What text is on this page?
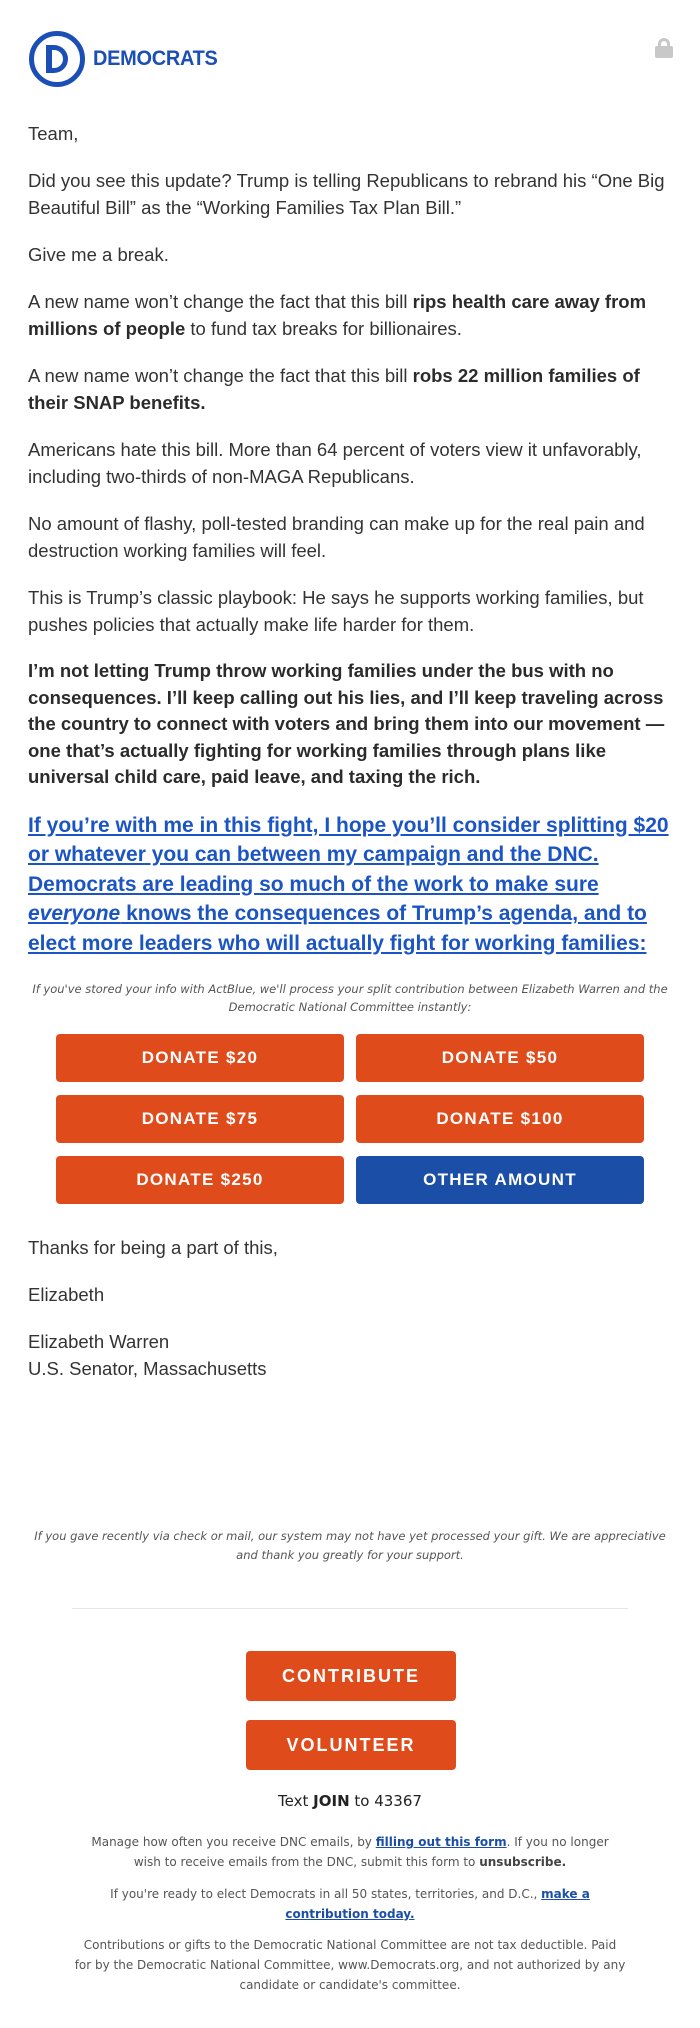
DEMOCRATS

Team,

Did you see this update? Trump is telling Republicans to rebrand his “One Big Beautiful Bill” as the “Working Families Tax Plan Bill.”

Give me a break.

A new name won’t change the fact that this bill rips health care away from millions of people to fund tax breaks for billionaires.

A new name won’t change the fact that this bill robs 22 million families of their SNAP benefits.

Americans hate this bill. More than 64 percent of voters view it unfavorably, including two-thirds of non-MAGA Republicans.

No amount of flashy, poll-tested branding can make up for the real pain and destruction working families will feel.

This is Trump’s classic playbook: He says he supports working families, but pushes policies that actually make life harder for them.

I’m not letting Trump throw working families under the bus with no consequences. I’ll keep calling out his lies, and I’ll keep traveling across the country to connect with voters and bring them into our movement — one that’s actually fighting for working families through plans like universal child care, paid leave, and taxing the rich.

If you’re with me in this fight, I hope you’ll consider splitting $20 or whatever you can between my campaign and the DNC. Democrats are leading so much of the work to make sure everyone knows the consequences of Trump’s agenda, and to elect more leaders who will actually fight for working families:

If you've stored your info with ActBlue, we'll process your split contribution between Elizabeth Warren and the Democratic National Committee instantly:

DONATE $20	DONATE $50
DONATE $75	DONATE $100
DONATE $250	OTHER AMOUNT

Thanks for being a part of this,

Elizabeth

Elizabeth Warren

U.S. Senator, Massachusetts

If you gave recently via check or mail, our system may not have yet processed your gift. We are appreciative and thank you greatly for your support.

CONTRIBUTE
VOLUNTEER

Text JOIN to 43367

Manage how often you receive DNC emails, by filling out this form. If you no longer wish to receive emails from the DNC, submit this form to unsubscribe.

If you're ready to elect Democrats in all 50 states, territories, and D.C., make a contribution today.

Contributions or gifts to the Democratic National Committee are not tax deductible. Paid for by the Democratic National Committee, www.Democrats.org, and not authorized by any candidate or candidate's committee.
